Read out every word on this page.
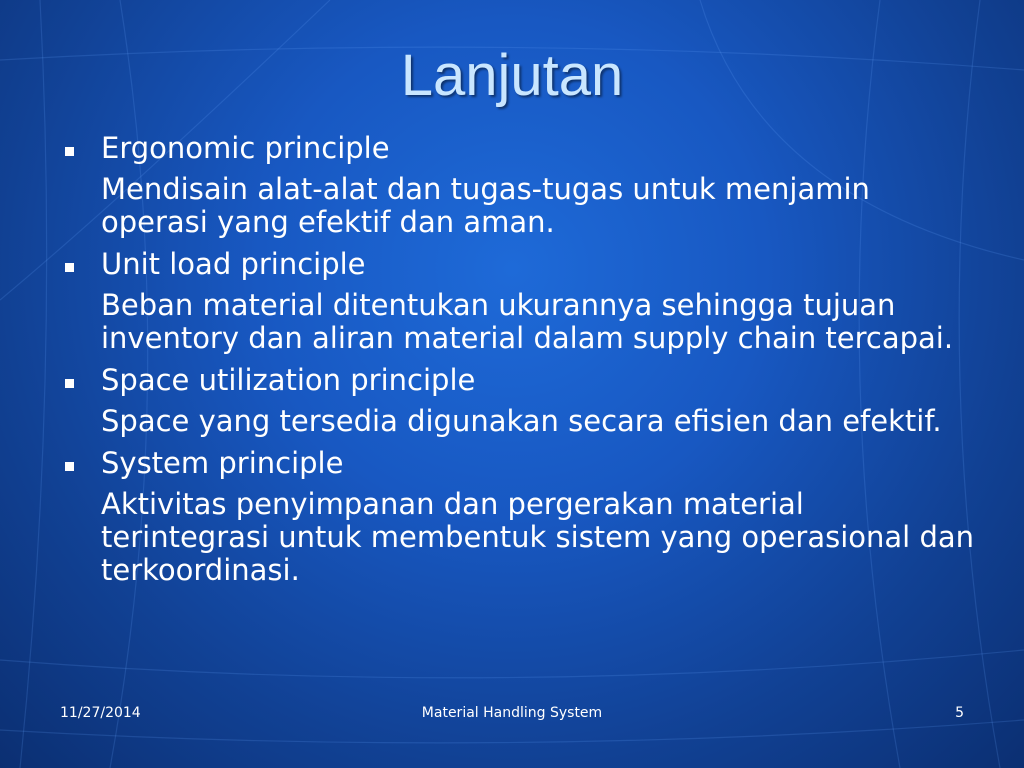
Lanjutan
Ergonomic principle
Mendisain alat-alat dan tugas-tugas untuk menjamin operasi yang efektif dan aman.
Unit load principle
Beban material ditentukan ukurannya sehingga tujuan inventory dan aliran material dalam supply chain tercapai.
Space utilization principle
Space yang tersedia digunakan secara efisien dan efektif.
System principle
Aktivitas penyimpanan dan pergerakan material terintegrasi untuk membentuk sistem yang operasional dan terkoordinasi.
11/27/2014	Material Handling System	5
